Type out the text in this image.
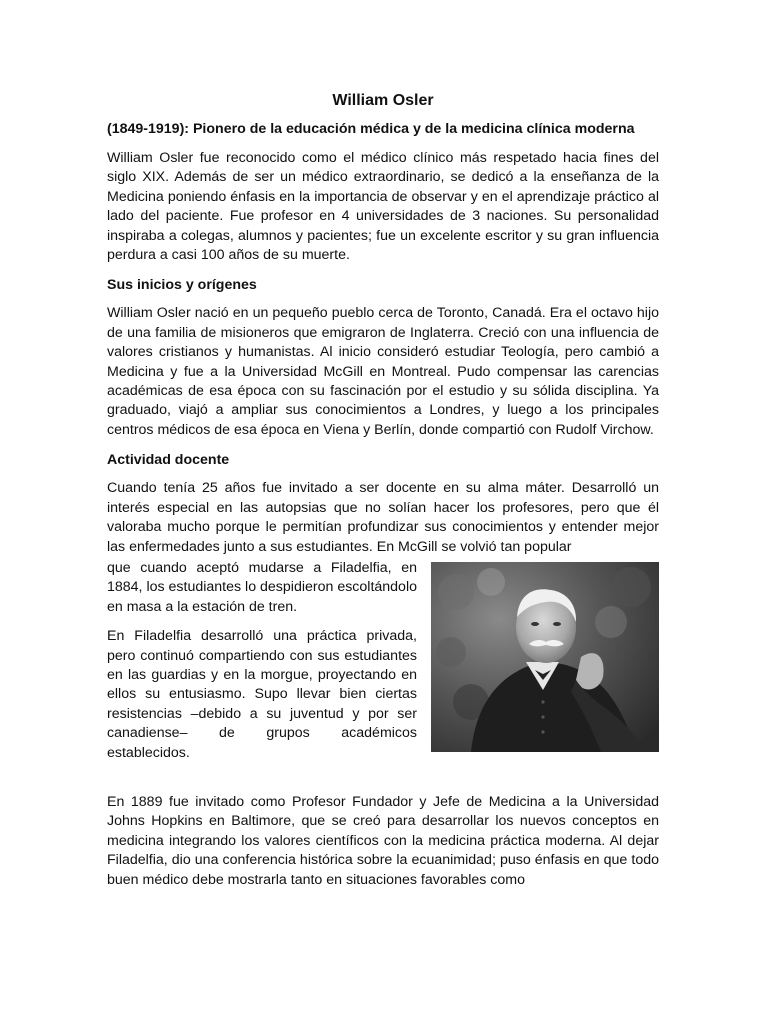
William Osler
(1849-1919): Pionero de la educación médica y de la medicina clínica moderna

William Osler fue reconocido como el médico clínico más respetado hacia fines del siglo XIX. Además de ser un médico extraordinario, se dedicó a la enseñanza de la Medicina poniendo énfasis en la importancia de observar y en el aprendizaje práctico al lado del paciente. Fue profesor en 4 universidades de 3 naciones. Su personalidad inspiraba a colegas, alumnos y pacientes; fue un excelente escritor y su gran influencia perdura a casi 100 años de su muerte.

Sus inicios y orígenes

William Osler nació en un pequeño pueblo cerca de Toronto, Canadá. Era el octavo hijo de una familia de misioneros que emigraron de Inglaterra. Creció con una influencia de valores cristianos y humanistas. Al inicio consideró estudiar Teología, pero cambió a Medicina y fue a la Universidad McGill en Montreal. Pudo compensar las carencias académicas de esa época con su fascinación por el estudio y su sólida disciplina. Ya graduado, viajó a ampliar sus conocimientos a Londres, y luego a los principales centros médicos de esa época en Viena y Berlín, donde compartió con Rudolf Virchow.

Actividad docente

Cuando tenía 25 años fue invitado a ser docente en su alma máter. Desarrolló un interés especial en las autopsias que no solían hacer los profesores, pero que él valoraba mucho porque le permitían profundizar sus conocimientos y entender mejor las enfermedades junto a sus estudiantes. En McGill se volvió tan popular

que cuando aceptó mudarse a Filadelfia, en 1884, los estudiantes lo despidieron escoltándolo en masa a la estación de tren.

En Filadelfia desarrolló una práctica privada, pero continuó compartiendo con sus estudiantes en las guardias y en la morgue, proyectando en ellos su entusiasmo. Supo llevar bien ciertas resistencias –debido a su juventud y por ser canadiense– de grupos académicos establecidos.

En 1889 fue invitado como Profesor Fundador y Jefe de Medicina a la Universidad Johns Hopkins en Baltimore, que se creó para desarrollar los nuevos conceptos en medicina integrando los valores científicos con la medicina práctica moderna. Al dejar Filadelfia, dio una conferencia histórica sobre la ecuanimidad; puso énfasis en que todo buen médico debe mostrarla tanto en situaciones favorables como
